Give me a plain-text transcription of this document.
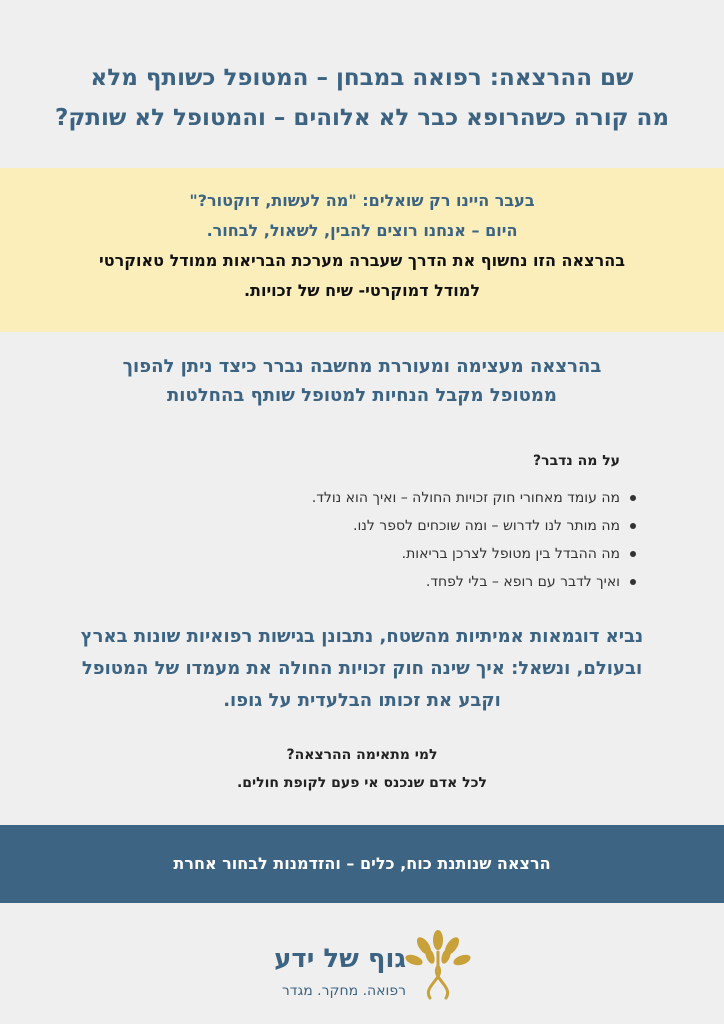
שם ההרצאה: רפואה במבחן – המטופל כשותף מלא
מה קורה כשהרופא כבר לא אלוהים – והמטופל לא שותק?
בעבר היינו רק שואלים: "מה לעשות, דוקטור?"
היום – אנחנו רוצים להבין, לשאול, לבחור.
בהרצאה הזו נחשוף את הדרך שעברה מערכת הבריאות ממודל טאוקרטי
למודל דמוקרטי- שיח של זכויות.
בהרצאה מעצימה ומעוררת מחשבה נברר כיצד ניתן להפוך
ממטופל מקבל הנחיות למטופל שותף בהחלטות
על מה נדבר?
מה עומד מאחורי חוק זכויות החולה – ואיך הוא נולד.
מה מותר לנו לדרוש – ומה שוכחים לספר לנו.
מה ההבדל בין מטופל לצרכן בריאות.
ואיך לדבר עם רופא – בלי לפחד.
נביא דוגמאות אמיתיות מהשטח, נתבונן בגישות רפואיות שונות בארץ
ובעולם, ונשאל: איך שינה חוק זכויות החולה את מעמדו של המטופל
וקבע את זכותו הבלעדית על גופו.
למי מתאימה ההרצאה?
לכל אדם שנכנס אי פעם לקופת חולים.
הרצאה שנותנת כוח, כלים – והזדמנות לבחור אחרת
גוף של ידע
רפואה. מחקר. מגדר
